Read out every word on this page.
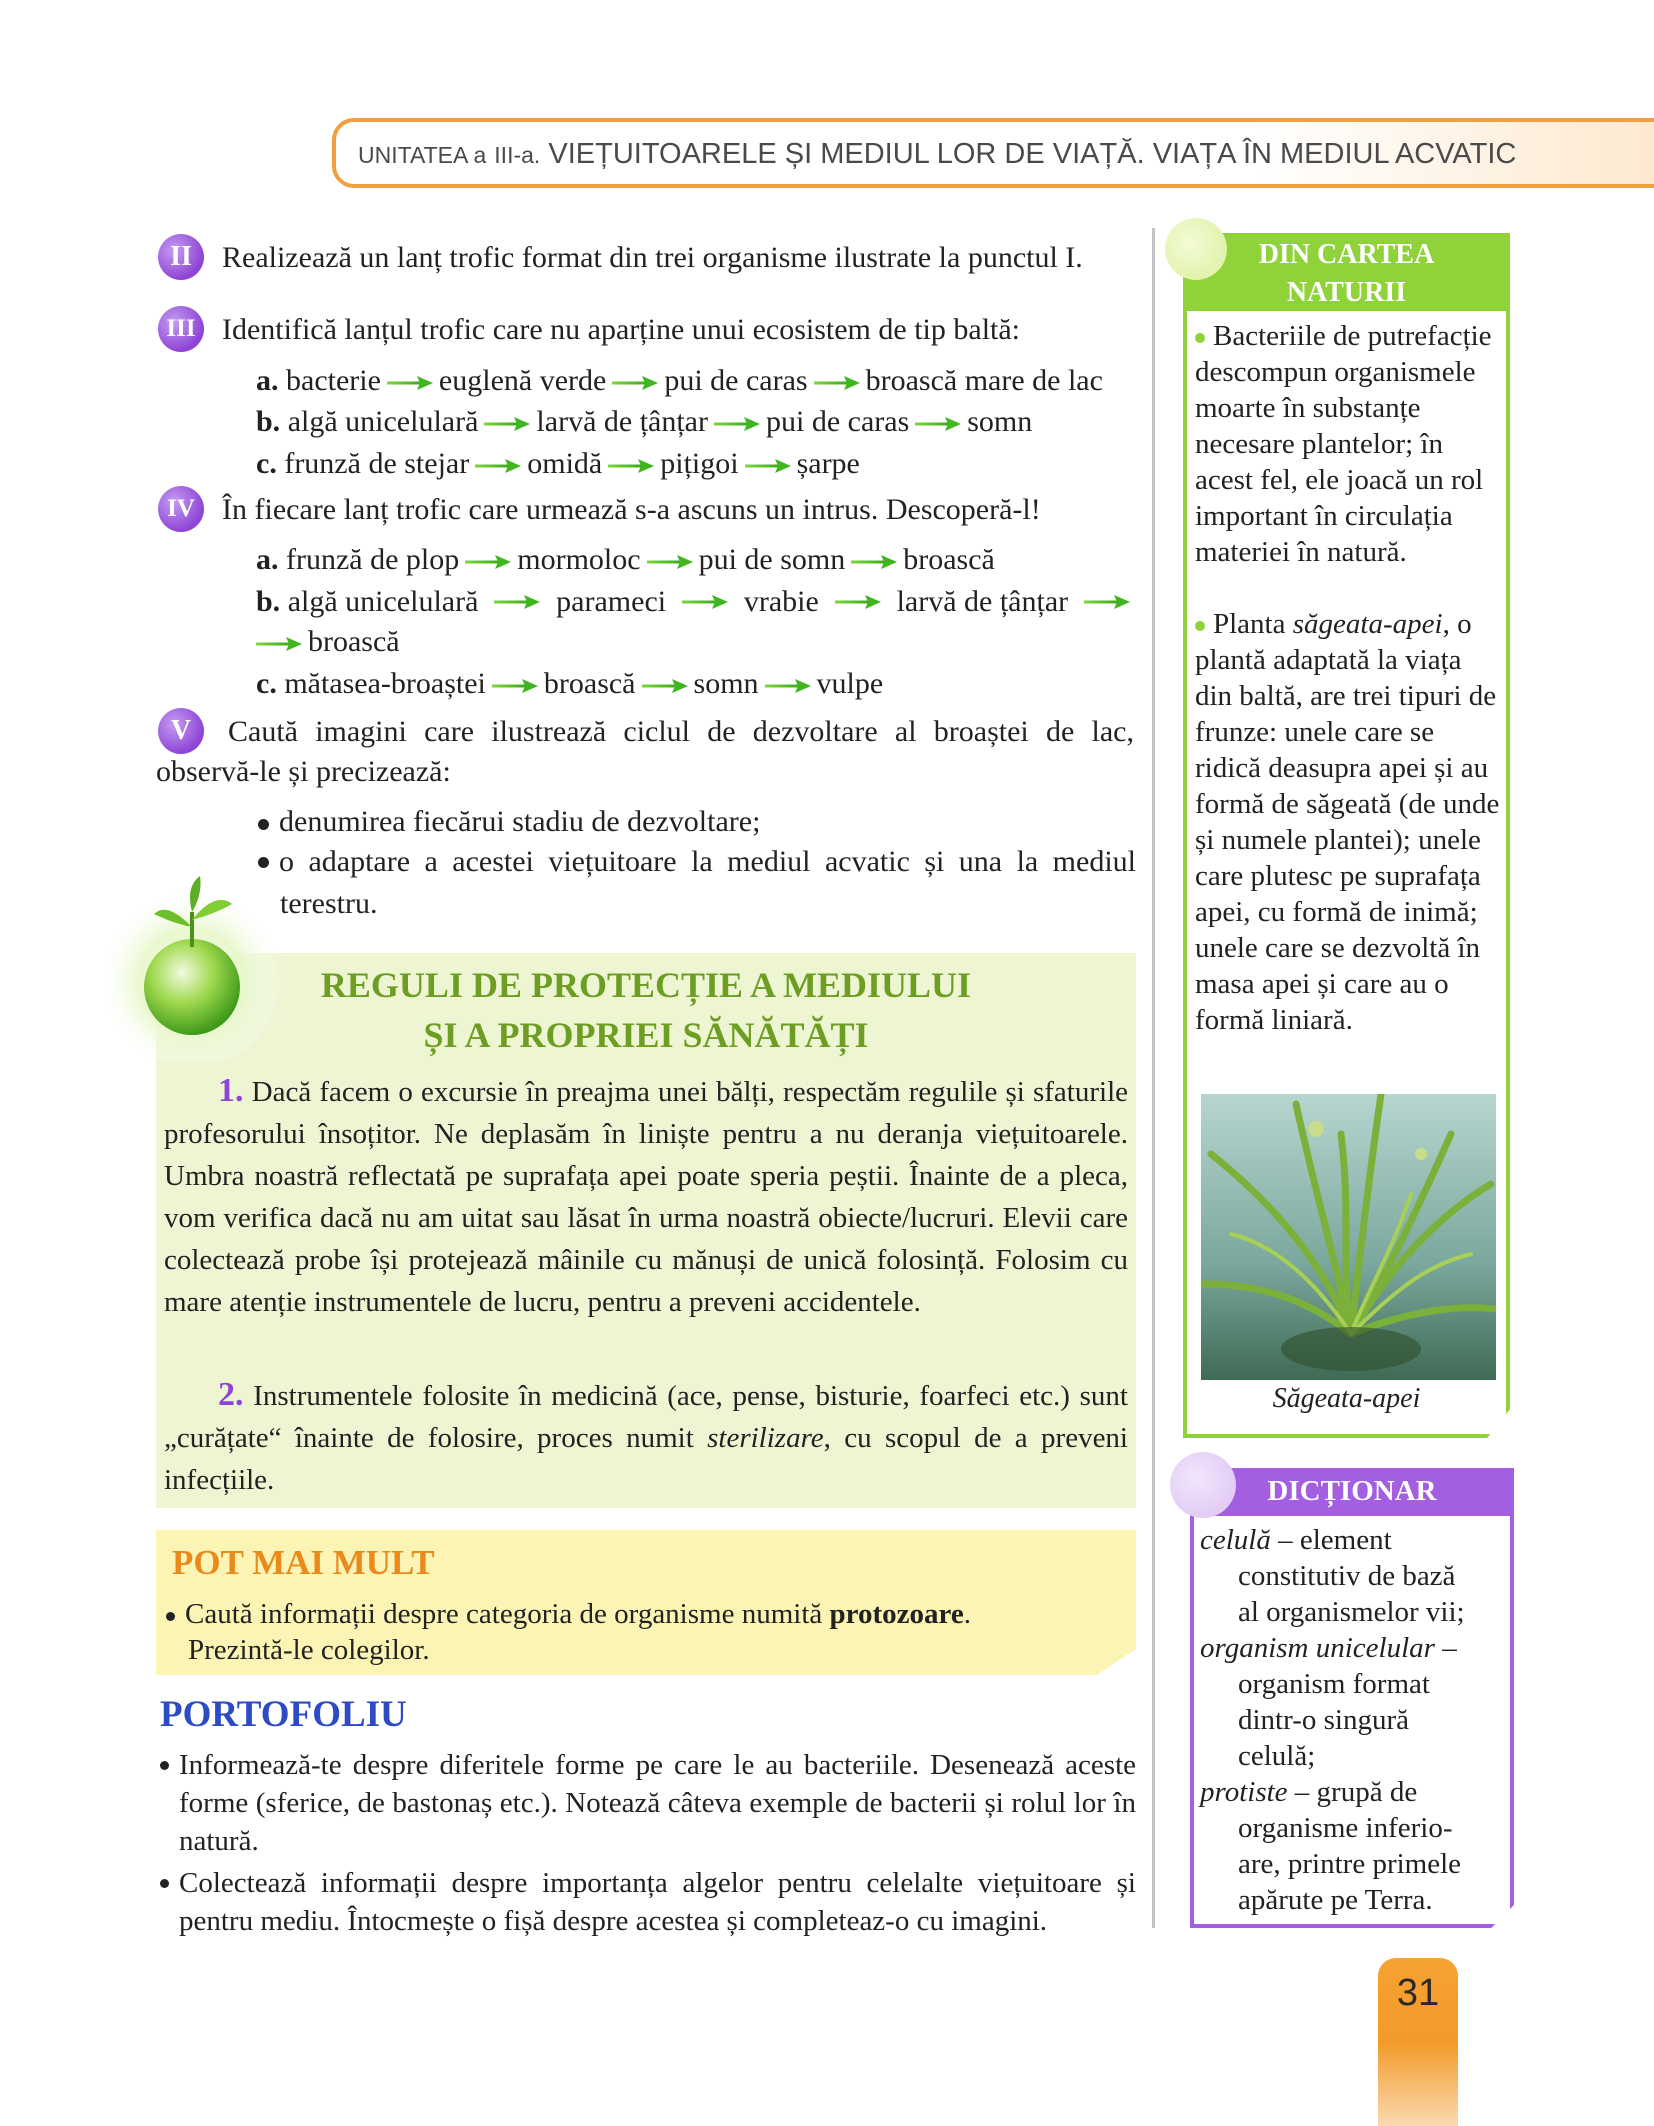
UNITATEA a III-a. VIEȚUITOARELE ȘI MEDIUL LOR DE VIAȚĂ. VIAȚA ÎN MEDIUL ACVATIC
II Realizează un lanț trofic format din trei organisme ilustrate la punctul I.
III Identifică lanțul trofic care nu aparține unui ecosistem de tip baltă:
a. bacterie euglenă verde pui de caras broască mare de lac
b. algă unicelulară larvă de țânțar pui de caras somn
c. frunză de stejar omidă pițigoi șarpe
IV În fiecare lanț trofic care urmează s-a ascuns un intrus. Descoperă-l!
a. frunză de plop mormoloc pui de somn broască
b. algă unicelulară	parameci	vrabie	larvă de țânțar
broască
c. mătasea-broaștei broască somn vulpe
V Caută imagini care ilustrează ciclul de dezvoltare al broaștei de lac,
observă-le și precizează:
denumirea fiecărui stadiu de dezvoltare;
o adaptare a acestei viețuitoare la mediul acvatic și una la mediul
terestru.
REGULI DE PROTECȚIE A MEDIULUI
ȘI A PROPRIEI SĂNĂTĂȚI
1. Dacă facem o excursie în preajma unei bălți, respectăm regulile și sfaturile profesorului însoțitor. Ne deplasăm în liniște pentru a nu deranja viețuitoarele. Umbra noastră reflectată pe suprafața apei poate speria peștii. Înainte de a pleca, vom verifica dacă nu am uitat sau lăsat în urma noastră obiecte/lucruri. Elevii care colectează probe își protejează mâinile cu mănuși de unică folosință. Folosim cu mare atenție instrumentele de lucru, pentru a preveni accidentele.
2. Instrumentele folosite în medicină (ace, pense, bisturie, foarfeci etc.) sunt „curățate“ înainte de folosire, proces numit sterilizare, cu scopul de a preveni infecțiile.
POT MAI MULT
Caută informații despre categoria de organisme numită protozoare.
Prezintă-le colegilor.
PORTOFOLIU
Informează-te despre diferitele forme pe care le au bacteriile. Desenează aceste forme (sferice, de bastonaș etc.). Notează câteva exemple de bacterii și rolul lor în natură.
Colectează informații despre importanța algelor pentru celelalte viețuitoare și pentru mediu. Întocmește o fișă despre acestea și completeaz-o cu imagini.
DIN CARTEA
NATURII
Bacteriile de putrefacție descompun organismele moarte în substanțe necesare plantelor; în acest fel, ele joacă un rol important în circulația materiei în natură.
Planta săgeata-apei, o plantă adaptată la viața din baltă, are trei tipuri de frunze: unele care se ridică deasupra apei și au formă de săgeată (de unde și numele plantei); unele care plutesc pe suprafața apei, cu formă de inimă; unele care se dezvoltă în masa apei și care au o formă liniară.
Săgeata-apei
DICȚIONAR
celulă – element
constitutiv de bază
al organismelor vii;
organism unicelular –
organism format
dintr-o singură
celulă;
protiste – grupă de
organisme inferio-
are, printre primele
apărute pe Terra.
31
